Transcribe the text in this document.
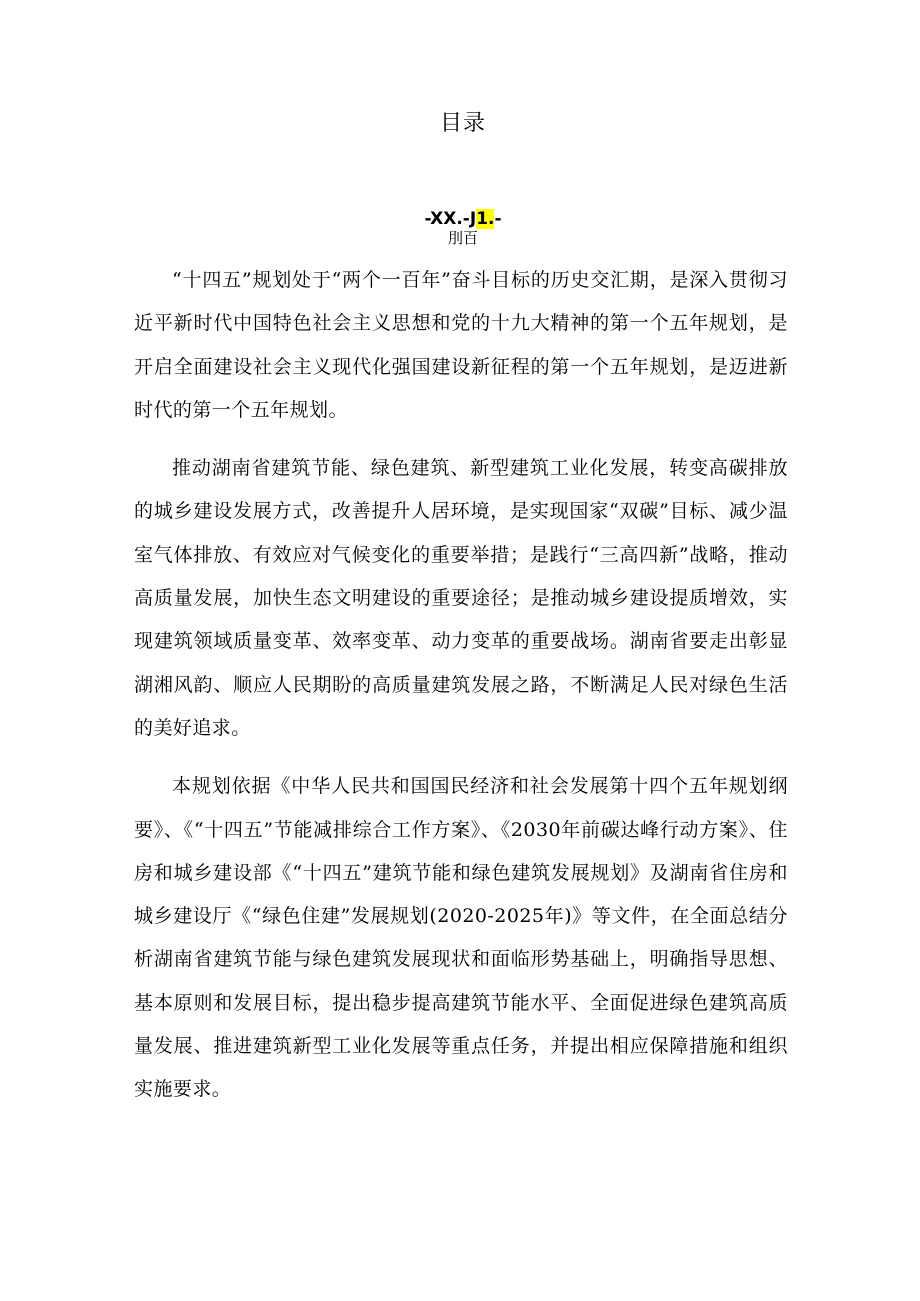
目录
-XX.-J1.-
刖百

“十四五”规划处于“两个一百年”奋斗目标的历史交汇期，是深入贯彻习近平新时代中国特色社会主义思想和党的十九大精神的第一个五年规划，是开启全面建设社会主义现代化强国建设新征程的第一个五年规划，是迈进新时代的第一个五年规划。

推动湖南省建筑节能、绿色建筑、新型建筑工业化发展，转变高碳排放的城乡建设发展方式，改善提升人居环境，是实现国家“双碳”目标、减少温室气体排放、有效应对气候变化的重要举措；是践行“三高四新”战略，推动高质量发展，加快生态文明建设的重要途径；是推动城乡建设提质增效，实现建筑领域质量变革、效率变革、动力变革的重要战场。湖南省要走出彰显湖湘风韵、顺应人民期盼的高质量建筑发展之路，不断满足人民对绿色生活的美好追求。

本规划依据《中华人民共和国国民经济和社会发展第十四个五年规划纲要》、《“十四五”节能减排综合工作方案》、《2030年前碳达峰行动方案》、住房和城乡建设部《“十四五”建筑节能和绿色建筑发展规划》及湖南省住房和城乡建设厅《“绿色住建”发展规划(2020-2025年)》等文件，在全面总结分析湖南省建筑节能与绿色建筑发展现状和面临形势基础上，明确指导思想、基本原则和发展目标，提出稳步提高建筑节能水平、全面促进绿色建筑高质量发展、推进建筑新型工业化发展等重点任务，并提出相应保障措施和组织实施要求。
